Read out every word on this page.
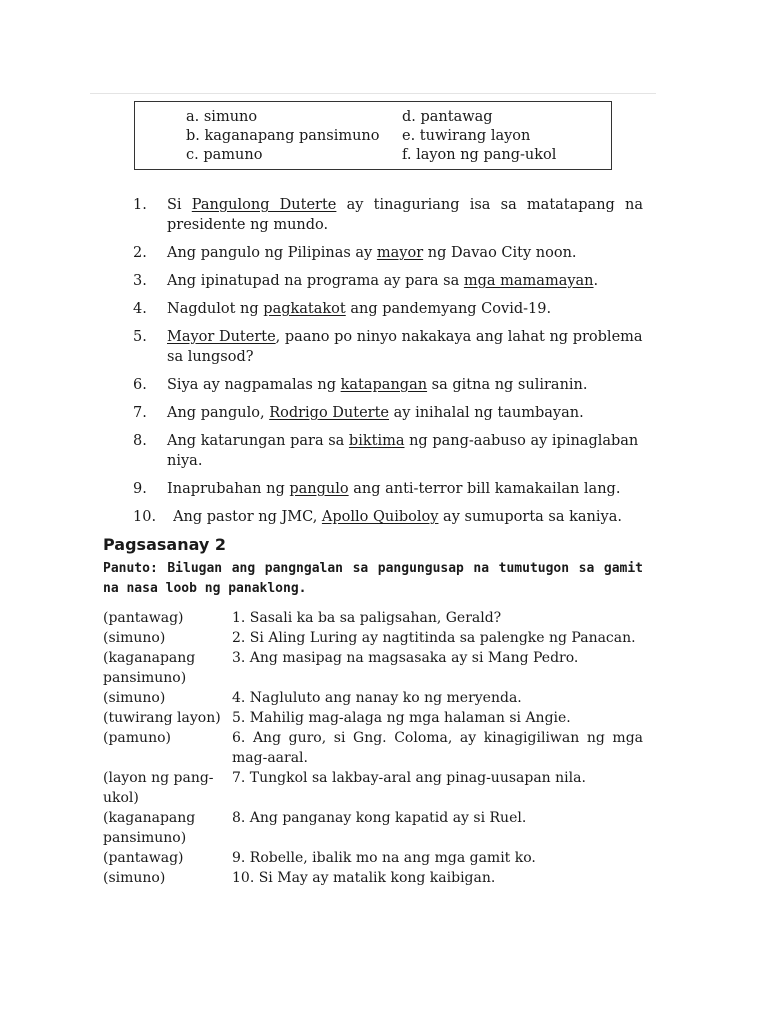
a. simuno
b. kaganapang pansimuno
c. pamuno
d. pantawag
e. tuwirang layon
f. layon ng pang-ukol
1.
Si Pangulong Duterte ay tinaguriang isa sa matatapang na presidente ng mundo.
2.
Ang pangulo ng Pilipinas ay mayor ng Davao City noon.
3.
Ang ipinatupad na programa ay para sa mga mamamayan.
4.
Nagdulot ng pagkatakot ang pandemyang Covid-19.
5.
Mayor Duterte, paano po ninyo nakakaya ang lahat ng problema sa lungsod?
6.
Siya ay nagpamalas ng katapangan sa gitna ng suliranin.
7.
Ang pangulo, Rodrigo Duterte ay inihalal ng taumbayan.
8.
Ang katarungan para sa biktima ng pang-aabuso ay ipinaglaban niya.
9.
Inaprubahan ng pangulo ang anti-terror bill kamakailan lang.
10.
Ang pastor ng JMC, Apollo Quiboloy ay sumuporta sa kaniya.
Pagsasanay 2
Panuto: Bilugan ang pangngalan sa pangungusap na tumutugon sa gamit na nasa loob ng panaklong.
(pantawag)	1. Sasali ka ba sa paligsahan, Gerald?
(simuno)	2. Si Aling Luring ay nagtitinda sa palengke ng Panacan.
(kaganapang pansimuno)
3. Ang masipag na magsasaka ay si Mang Pedro.
(simuno)	4. Nagluluto ang nanay ko ng meryenda.
(tuwirang layon) 5. Mahilig mag-alaga ng mga halaman si Angie.
(pamuno)	6. Ang guro, si Gng. Coloma, ay kinagigiliwan ng mga mag-aaral.
(layon ng pang-ukol)
7. Tungkol sa lakbay-aral ang pinag-uusapan nila.
(kaganapang pansimuno)
8. Ang panganay kong kapatid ay si Ruel.
(pantawag)	9. Robelle, ibalik mo na ang mga gamit ko.
(simuno)	10. Si May ay matalik kong kaibigan.
